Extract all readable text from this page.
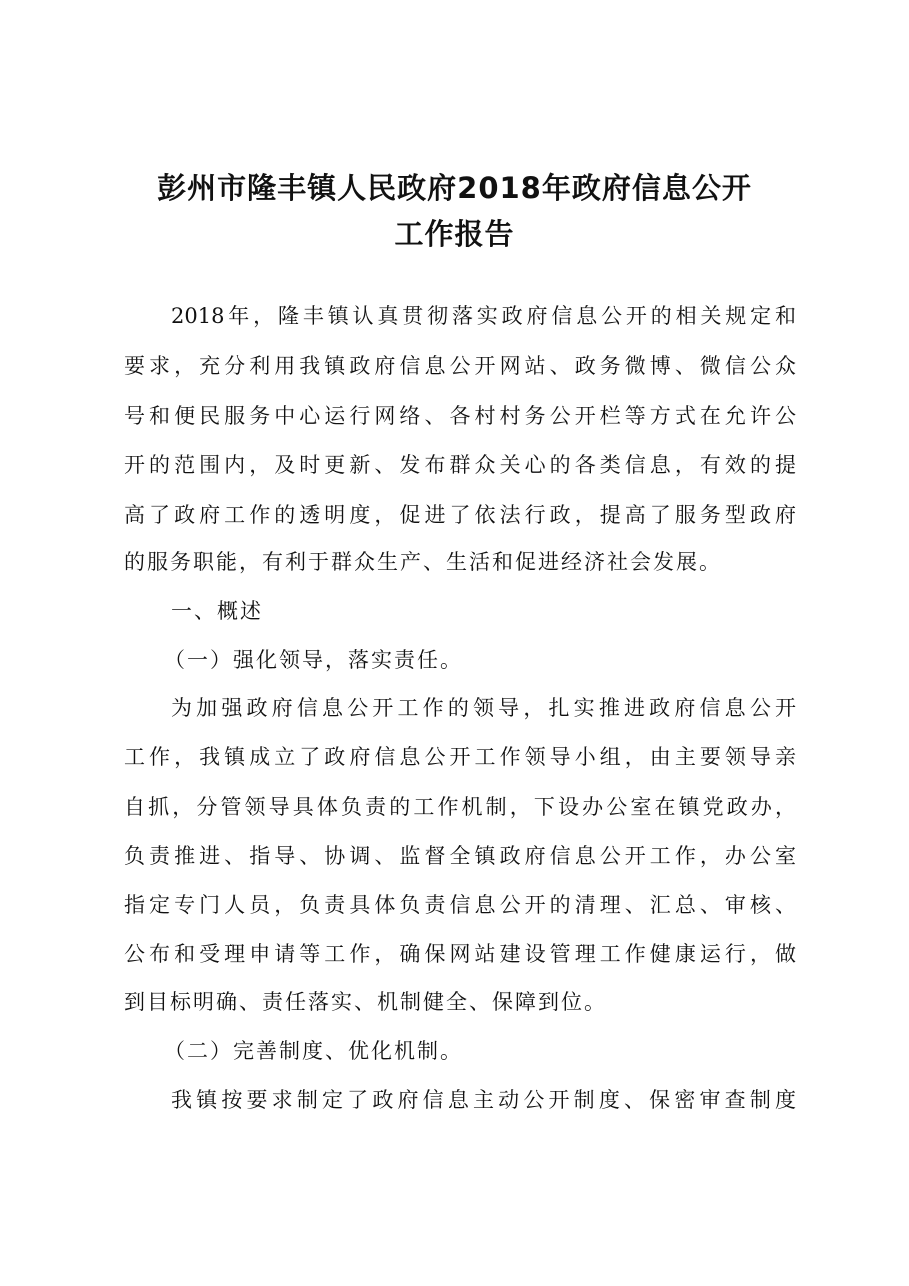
彭州市隆丰镇人民政府2018年政府信息公开
工作报告
2018年，隆丰镇认真贯彻落实政府信息公开的相关规定和
要求，充分利用我镇政府信息公开网站、政务微博、微信公众
号和便民服务中心运行网络、各村村务公开栏等方式在允许公
开的范围内，及时更新、发布群众关心的各类信息，有效的提
高了政府工作的透明度，促进了依法行政，提高了服务型政府
的服务职能，有利于群众生产、生活和促进经济社会发展。
一、概述
（一）强化领导，落实责任。
为加强政府信息公开工作的领导，扎实推进政府信息公开
工作，我镇成立了政府信息公开工作领导小组，由主要领导亲
自抓，分管领导具体负责的工作机制，下设办公室在镇党政办，
负责推进、指导、协调、监督全镇政府信息公开工作，办公室
指定专门人员，负责具体负责信息公开的清理、汇总、审核、
公布和受理申请等工作，确保网站建设管理工作健康运行，做
到目标明确、责任落实、机制健全、保障到位。
（二）完善制度、优化机制。
我镇按要求制定了政府信息主动公开制度、保密审查制度
